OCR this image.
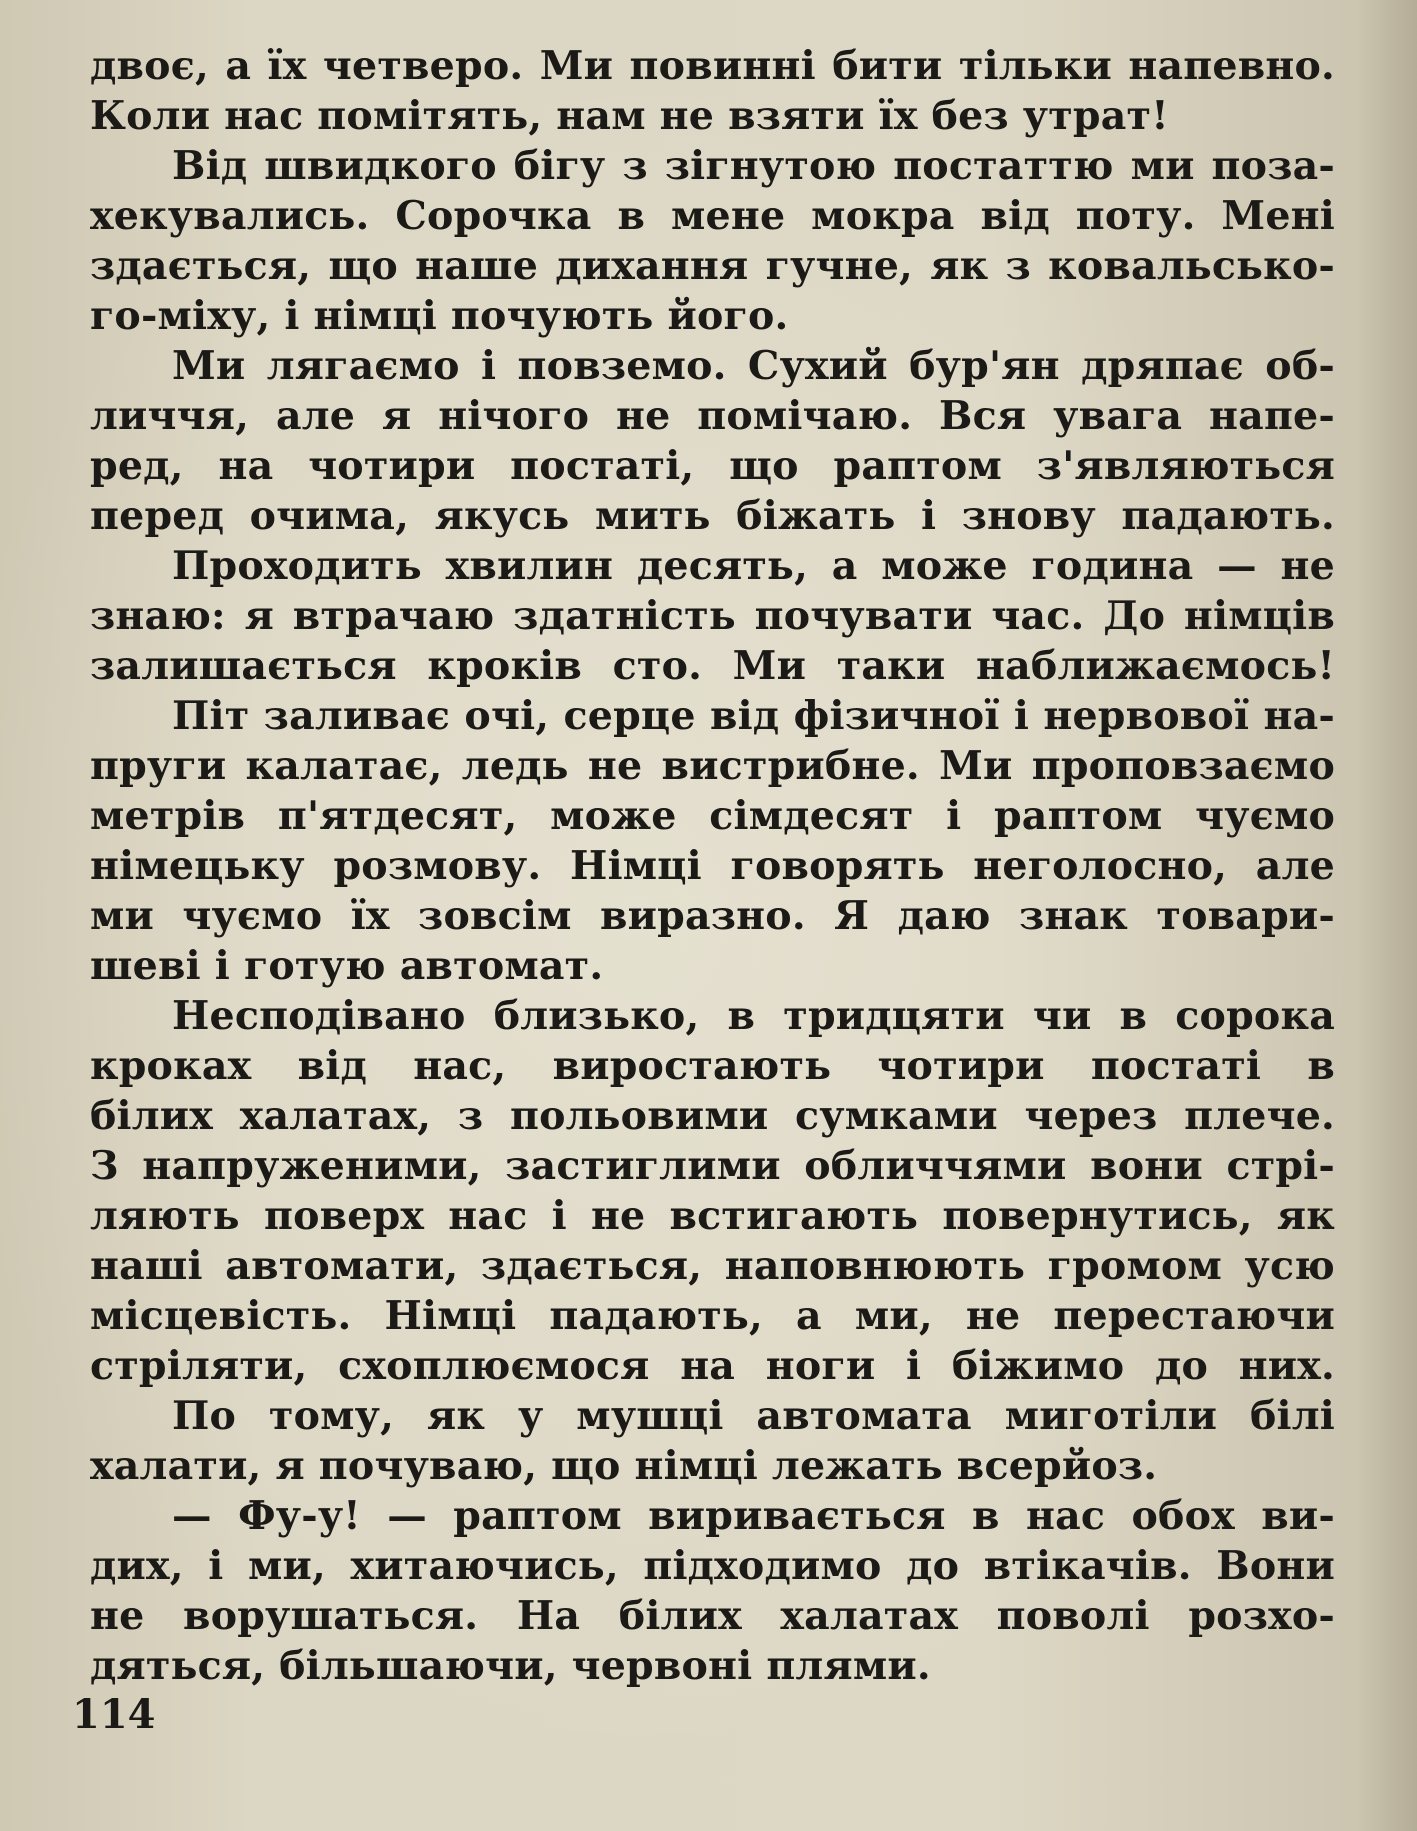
двоє, а їх четверо. Ми повинні бити тільки напевно.
Коли нас помітять, нам не взяти їх без утрат!
Від швидкого бігу з зігнутою постаттю ми поза-
хекувались. Сорочка в мене мокра від поту. Мені
здається, що наше дихання гучне, як з ковальсько-
го-міху, і німці почують його.
Ми лягаємо і повземо. Сухий бур'ян дряпає об-
личчя, але я нічого не помічаю. Вся увага напе-
ред, на чотири постаті, що раптом з'являються
перед очима, якусь мить біжать і знову падають.
Проходить хвилин десять, а може година — не
знаю: я втрачаю здатність почувати час. До німців
залишається кроків сто. Ми таки наближаємось!
Піт заливає очі, серце від фізичної і нервової на-
пруги калатає, ледь не вистрибне. Ми проповзаємо
метрів п'ятдесят, може сімдесят і раптом чуємо
німецьку розмову. Німці говорять неголосно, але
ми чуємо їх зовсім виразно. Я даю знак товари-
шеві і готую автомат.
Несподівано близько, в тридцяти чи в сорока
кроках від нас, виростають чотири постаті в
білих халатах, з польовими сумками через плече.
З напруженими, застиглими обличчями вони стрі-
ляють поверх нас і не встигають повернутись, як
наші автомати, здається, наповнюють громом усю
місцевість. Німці падають, а ми, не перестаючи
стріляти, схоплюємося на ноги і біжимо до них.
По тому, як у мушці автомата миготіли білі
халати, я почуваю, що німці лежать всерйоз.
— Фу-у! — раптом виривається в нас обох ви-
дих, і ми, хитаючись, підходимо до втікачів. Вони
не ворушаться. На білих халатах поволі розхо-
дяться, більшаючи, червоні плями.
114
